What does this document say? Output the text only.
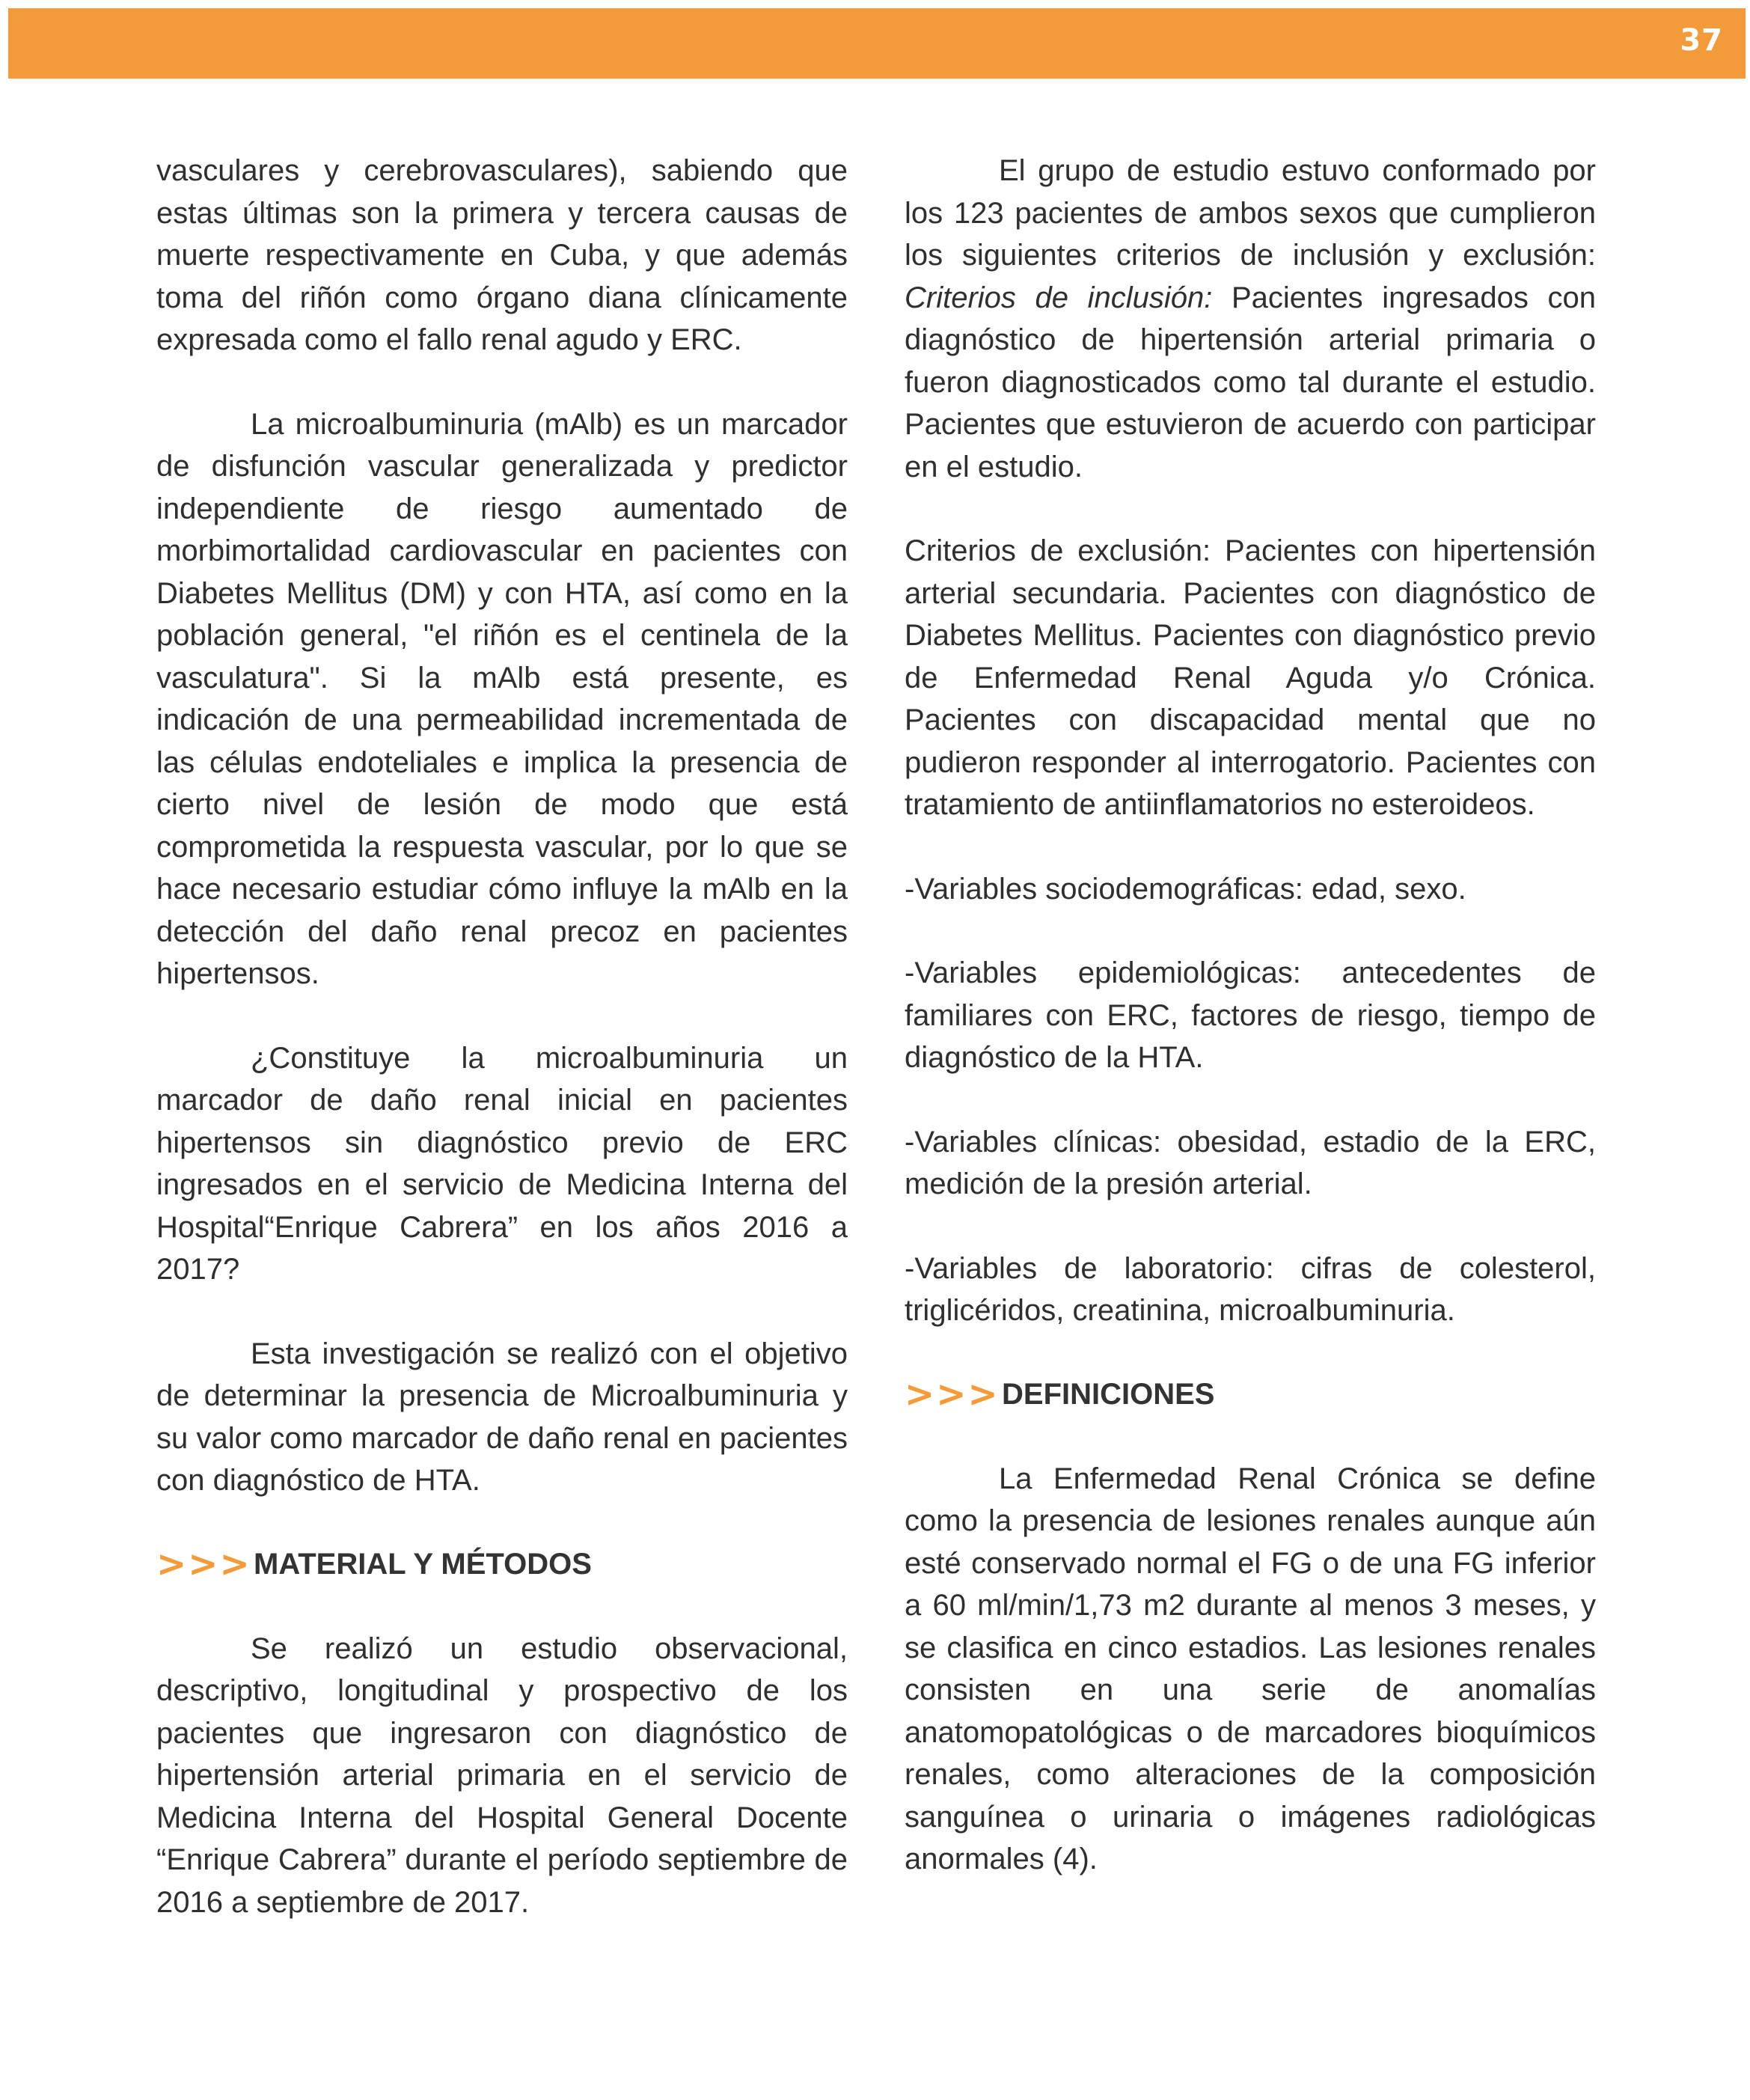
37

vasculares y cerebrovasculares), sabiendo que estas últimas son la primera y tercera causas de muerte respectivamente en Cuba, y que además toma del riñón como órgano diana clínicamente expresada como el fallo renal agudo y ERC.

La microalbuminuria (mAlb) es un marcador de disfunción vascular generalizada y predictor independiente de riesgo aumentado de morbimortalidad cardiovascular en pacientes con Diabetes Mellitus (DM) y con HTA, así como en la población general, "el riñón es el centinela de la vasculatura". Si la mAlb está presente, es indicación de una permeabilidad incrementada de las células endoteliales e implica la presencia de cierto nivel de lesión de modo que está comprometida la respuesta vascular, por lo que se hace necesario estudiar cómo influye la mAlb en la detección del daño renal precoz en pacientes hipertensos.

¿Constituye la microalbuminuria un marcador de daño renal inicial en pacientes hipertensos sin diagnóstico previo de ERC ingresados en el servicio de Medicina Interna del Hospital“Enrique Cabrera” en los años 2016 a 2017?

Esta investigación se realizó con el objetivo de determinar la presencia de Microalbuminuria y su valor como marcador de daño renal en pacientes con diagnóstico de HTA.

>>> MATERIAL Y MÉTODOS

Se realizó un estudio observacional, descriptivo, longitudinal y prospectivo de los pacientes que ingresaron con diagnóstico de hipertensión arterial primaria en el servicio de Medicina Interna del Hospital General Docente “Enrique Cabrera” durante el período septiembre de 2016 a septiembre de 2017.

El grupo de estudio estuvo conformado por los 123 pacientes de ambos sexos que cumplieron los siguientes criterios de inclusión y exclusión: Criterios de inclusión: Pacientes ingresados con diagnóstico de hipertensión arterial primaria o fueron diagnosticados como tal durante el estudio. Pacientes que estuvieron de acuerdo con participar en el estudio.

Criterios de exclusión: Pacientes con hipertensión arterial secundaria. Pacientes con diagnóstico de Diabetes Mellitus. Pacientes con diagnóstico previo de Enfermedad Renal Aguda y/o Crónica. Pacientes con discapacidad mental que no pudieron responder al interrogatorio. Pacientes con tratamiento de antiinflamatorios no esteroideos.

-Variables sociodemográficas: edad, sexo.

-Variables epidemiológicas: antecedentes de familiares con ERC, factores de riesgo, tiempo de diagnóstico de la HTA.

-Variables clínicas: obesidad, estadio de la ERC, medición de la presión arterial.

-Variables de laboratorio: cifras de colesterol, triglicéridos, creatinina, microalbuminuria.

>>> DEFINICIONES

La Enfermedad Renal Crónica se define como la presencia de lesiones renales aunque aún esté conservado normal el FG o de una FG inferior a 60 ml/min/1,73 m2 durante al menos 3 meses, y se clasifica en cinco estadios. Las lesiones renales consisten en una serie de anomalías anatomopatológicas o de marcadores bioquímicos renales, como alteraciones de la composición sanguínea o urinaria o imágenes radiológicas anormales (4).
